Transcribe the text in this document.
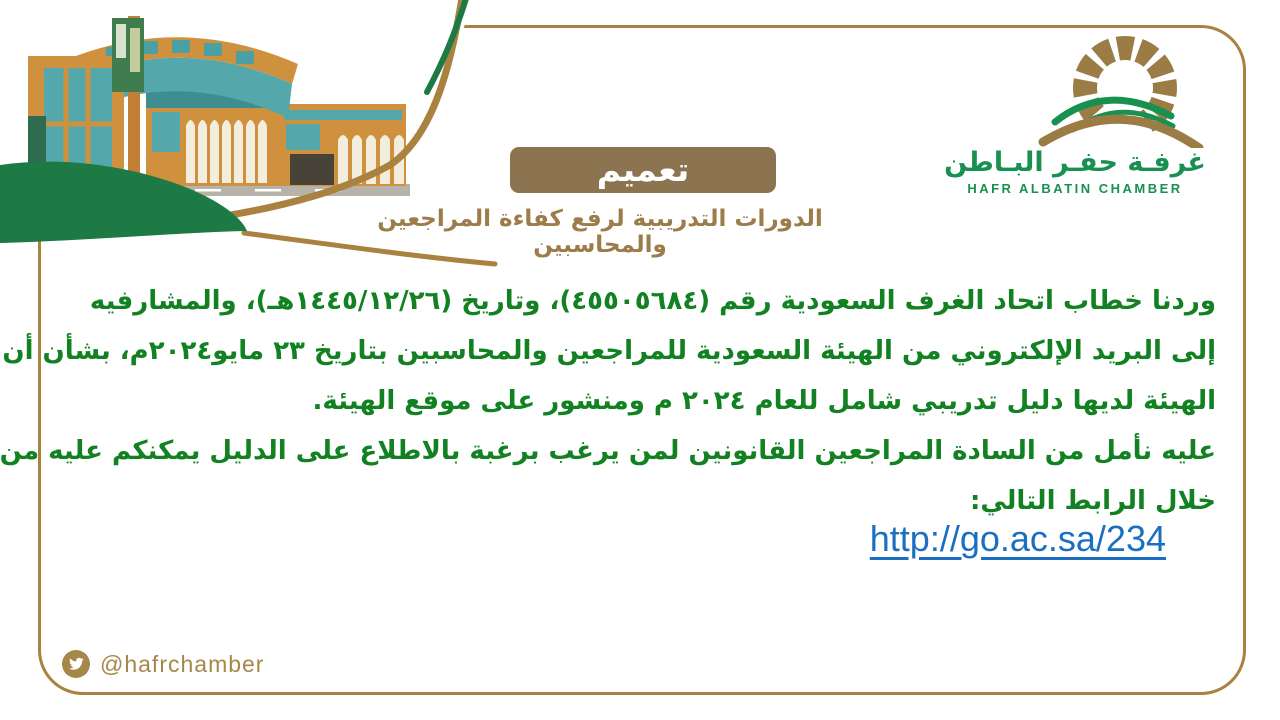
غرفـة حفـر البـاطن
HAFR ALBATIN CHAMBER
تعميم
الدورات التدريبية لرفع كفاءة المراجعين والمحاسبين
وردنا خطاب اتحاد الغرف السعودية رقم (٤٥٥٠٥٦٨٤)، وتاريخ (١٤٤٥/١٢/٢٦هـ)، والمشارفيه
إلى البريد الإلكتروني من الهيئة السعودية للمراجعين والمحاسبين بتاريخ ٢٣ مايو٢٠٢٤م، بشأن أن
الهيئة لديها دليل تدريبي شامل للعام ٢٠٢٤ م ومنشور على موقع الهيئة.
عليه نأمل من السادة المراجعين القانونين لمن يرغب برغبة بالاطلاع على الدليل يمكنكم عليه من
خلال الرابط التالي:
http://go.ac.sa/234
@hafrchamber
